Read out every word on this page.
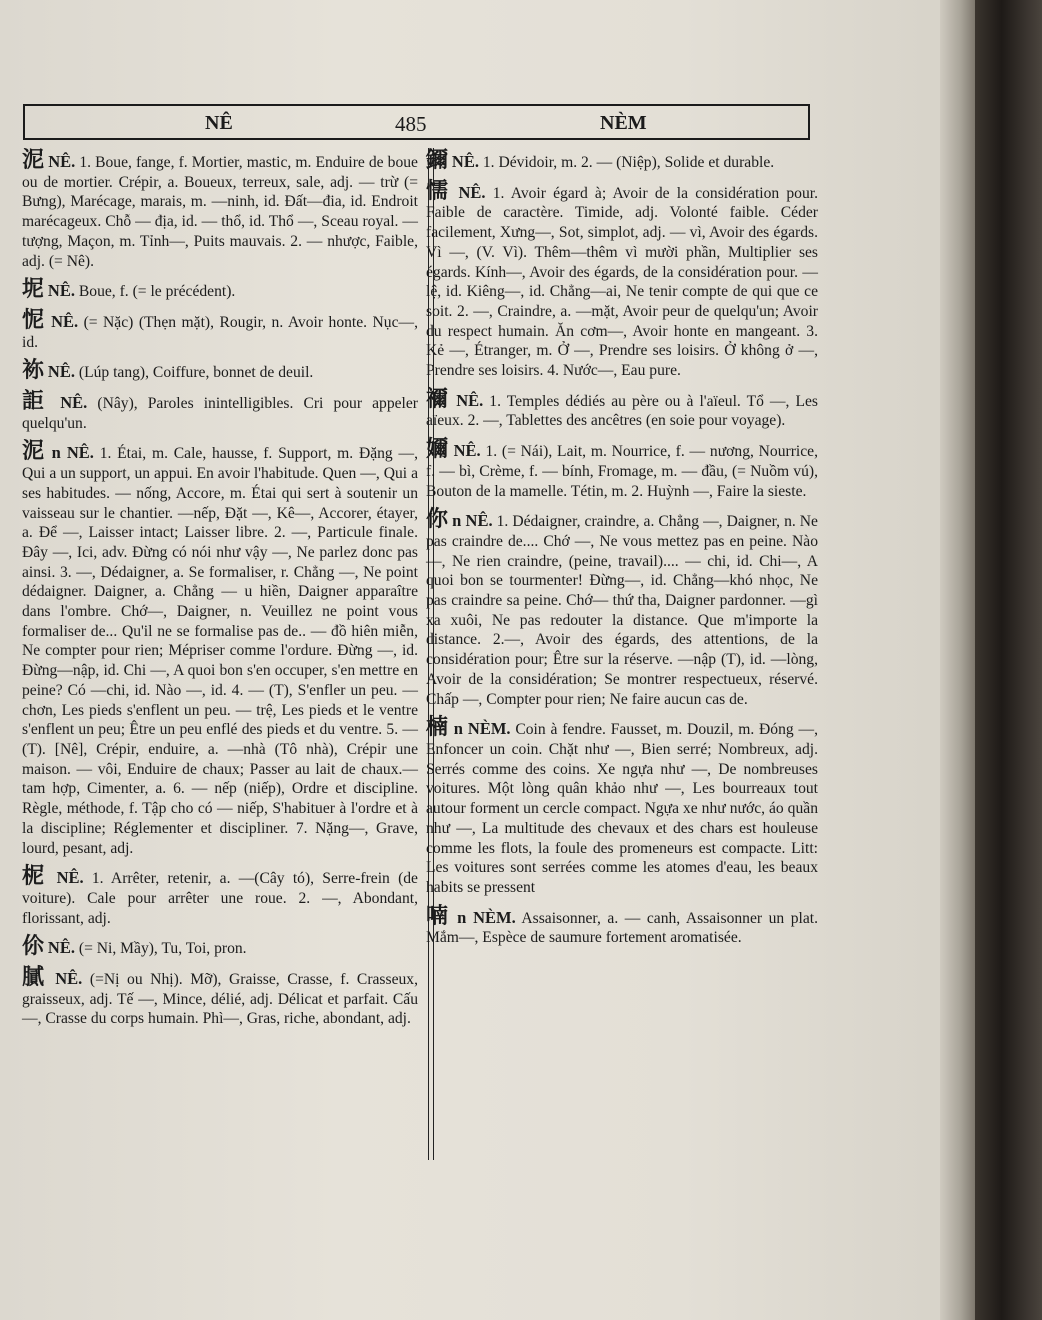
NÊ	485	NÈM

泥 NÊ. 1. Boue, fange, f. Mortier, mastic, m. Enduire de boue ou de mortier. Crépir, a. Boueux, terreux, sale, adj. — trừ (= Bưng), Marécage, marais, m. —ninh, id. Đất—đia, id. Endroit marécageux. Chỗ — địa, id. — thổ, id. Thổ —, Sceau royal. —tượng, Maçon, m. Tỉnh—, Puits mauvais. 2. — nhược, Faible, adj. (= Nê).

坭 NÊ. Boue, f. (= le précédent).

怩 NÊ. (= Nặc) (Thẹn mặt), Rougir, n. Avoir honte. Nục—, id.

袮 NÊ. (Lúp tang), Coiffure, bonnet de deuil.

詎 NÊ. (Nây), Paroles inintelligibles. Cri pour appeler quelqu'un.

泥 n NÊ. 1. Étai, m. Cale, hausse, f. Support, m. Đặng —, Qui a un support, un appui. En avoir l'habitude. Quen —, Qui a ses habitudes. — nống, Accore, m. Étai qui sert à soutenir un vaisseau sur le chantier. —nếp, Đặt —, Kê—, Accorer, étayer, a. Để —, Laisser intact; Laisser libre. 2. —, Particule finale. Đây —, Ici, adv. Đừng có nói như vậy —, Ne parlez donc pas ainsi. 3. —, Dédaigner, a. Se formaliser, r. Chẳng —, Ne point dédaigner. Daigner, a. Chẳng — u hiền, Daigner apparaître dans l'ombre. Chớ—, Daigner, n. Veuillez ne point vous formaliser de... Qu'il ne se formalise pas de.. — đồ hiên miễn, Ne compter pour rien; Mépriser comme l'ordure. Đừng —, id. Đừng—nập, id. Chi —, A quoi bon s'en occuper, s'en mettre en peine? Có —chi, id. Nào —, id. 4. — (T), S'enfler un peu. — chơn, Les pieds s'enflent un peu. — trệ, Les pieds et le ventre s'enflent un peu; Être un peu enflé des pieds et du ventre. 5. — (T). [Nê], Crépir, enduire, a. —nhà (Tô nhà), Crépir une maison. — vôi, Enduire de chaux; Passer au lait de chaux.—tam hợp, Cimenter, a. 6. — nếp (niếp), Ordre et discipline. Règle, méthode, f. Tập cho có — niếp, S'habituer à l'ordre et à la discipline; Réglementer et discipliner. 7. Nặng—, Grave, lourd, pesant, adj.

柅 NÊ. 1. Arrêter, retenir, a. —(Cây tó), Serre-frein (de voiture). Cale pour arrêter une roue. 2. —, Abondant, florissant, adj.

伱 NÊ. (= Ni, Mầy), Tu, Toi, pron.

膩 NÊ. (=Nị ou Nhị). Mỡ), Graisse, Crasse, f. Crasseux, graisseux, adj. Tế —, Mince, délié, adj. Délicat et parfait. Cấu—, Crasse du corps humain. Phì—, Gras, riche, abondant, adj.

鑈 NÊ. 1. Dévidoir, m. 2. — (Niệp), Solide et durable.

懦 NÊ. 1. Avoir égard à; Avoir de la considération pour. Faible de caractère. Timide, adj. Volonté faible. Céder facilement, Xưng—, Sot, simplot, adj. — vì, Avoir des égards. Vì —, (V. Vì). Thêm—thêm vì mười phần, Multiplier ses égards. Kính—, Avoir des égards, de la considération pour. —lệ, id. Kiêng—, id. Chẳng—ai, Ne tenir compte de qui que ce soit. 2. —, Craindre, a. —mặt, Avoir peur de quelqu'un; Avoir du respect humain. Ăn cơm—, Avoir honte en mangeant. 3. Kẻ —, Étranger, m. Ở —, Prendre ses loisirs. Ở không ở —, Prendre ses loisirs. 4. Nước—, Eau pure.

禰 NÊ. 1. Temples dédiés au père ou à l'aïeul. Tổ —, Les aïeux. 2. —, Tablettes des ancêtres (en soie pour voyage).

嬭 NÊ. 1. (= Nái), Lait, m. Nourrice, f. — nương, Nourrice, f. — bì, Crème, f. — bính, Fromage, m. — đầu, (= Nuồm vú), Bouton de la mamelle. Tétin, m. 2. Huỳnh —, Faire la sieste.

你 n NÊ. 1. Dédaigner, craindre, a. Chẳng —, Daigner, n. Ne pas craindre de.... Chớ —, Ne vous mettez pas en peine. Nào—, Ne rien craindre, (peine, travail).... — chi, id. Chi—, A quoi bon se tourmenter! Đừng—, id. Chẳng—khó nhọc, Ne pas craindre sa peine. Chớ— thứ tha, Daigner pardonner. —gì xa xuôi, Ne pas redouter la distance. Que m'importe la distance. 2.—, Avoir des égards, des attentions, de la considération pour; Être sur la réserve. —nập (T), id. —lòng, Avoir de la considération; Se montrer respectueux, réservé. Chấp —, Compter pour rien; Ne faire aucun cas de.

楠 n NÈM. Coin à fendre. Fausset, m. Douzil, m. Đóng —, Enfoncer un coin. Chặt như —, Bien serré; Nombreux, adj. Serrés comme des coins. Xe ngựa như —, De nombreuses voitures. Một lòng quân khảo như —, Les bourreaux tout autour forment un cercle compact. Ngựa xe như nước, áo quần như —, La multitude des chevaux et des chars est houleuse comme les flots, la foule des promeneurs est compacte. Litt: Les voitures sont serrées comme les atomes d'eau, les beaux habits se pressent

喃 n NÈM. Assaisonner, a. — canh, Assaisonner un plat. Mắm—, Espèce de saumure fortement aromatisée.
